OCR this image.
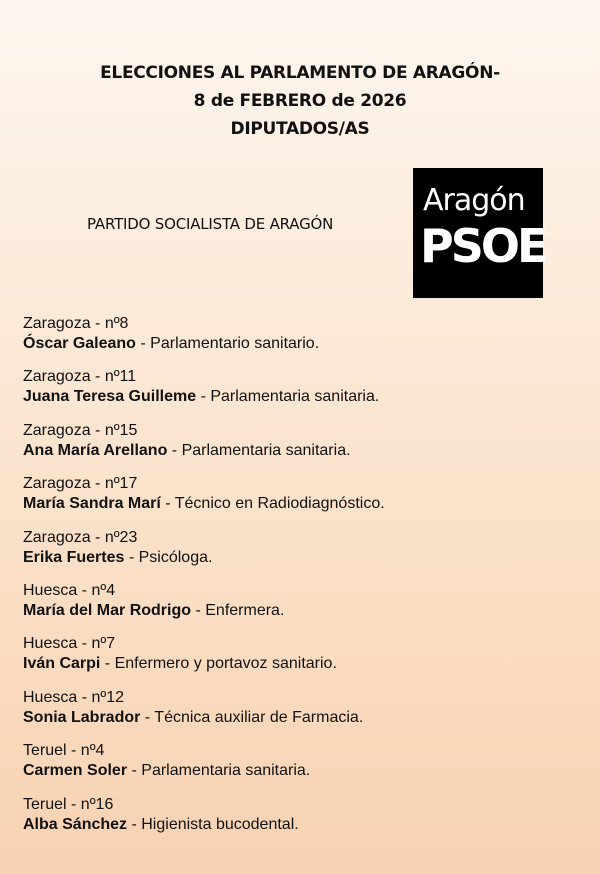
ELECCIONES AL PARLAMENTO DE ARAGÓN-
8 de FEBRERO de 2026
DIPUTADOS/AS
PARTIDO SOCIALISTA DE ARAGÓN
Aragón
PSOE
Zaragoza - nº8
Óscar Galeano - Parlamentario sanitario.
Zaragoza - nº11
Juana Teresa Guilleme - Parlamentaria sanitaria.
Zaragoza - nº15
Ana María Arellano - Parlamentaria sanitaria.
Zaragoza - nº17
María Sandra Marí - Técnico en Radiodiagnóstico.
Zaragoza - nº23
Erika Fuertes - Psicóloga.
Huesca - nº4
María del Mar Rodrigo - Enfermera.
Huesca - nº7
Iván Carpi - Enfermero y portavoz sanitario.
Huesca - nº12
Sonia Labrador - Técnica auxiliar de Farmacia.
Teruel - nº4
Carmen Soler - Parlamentaria sanitaria.
Teruel - nº16
Alba Sánchez - Higienista bucodental.
